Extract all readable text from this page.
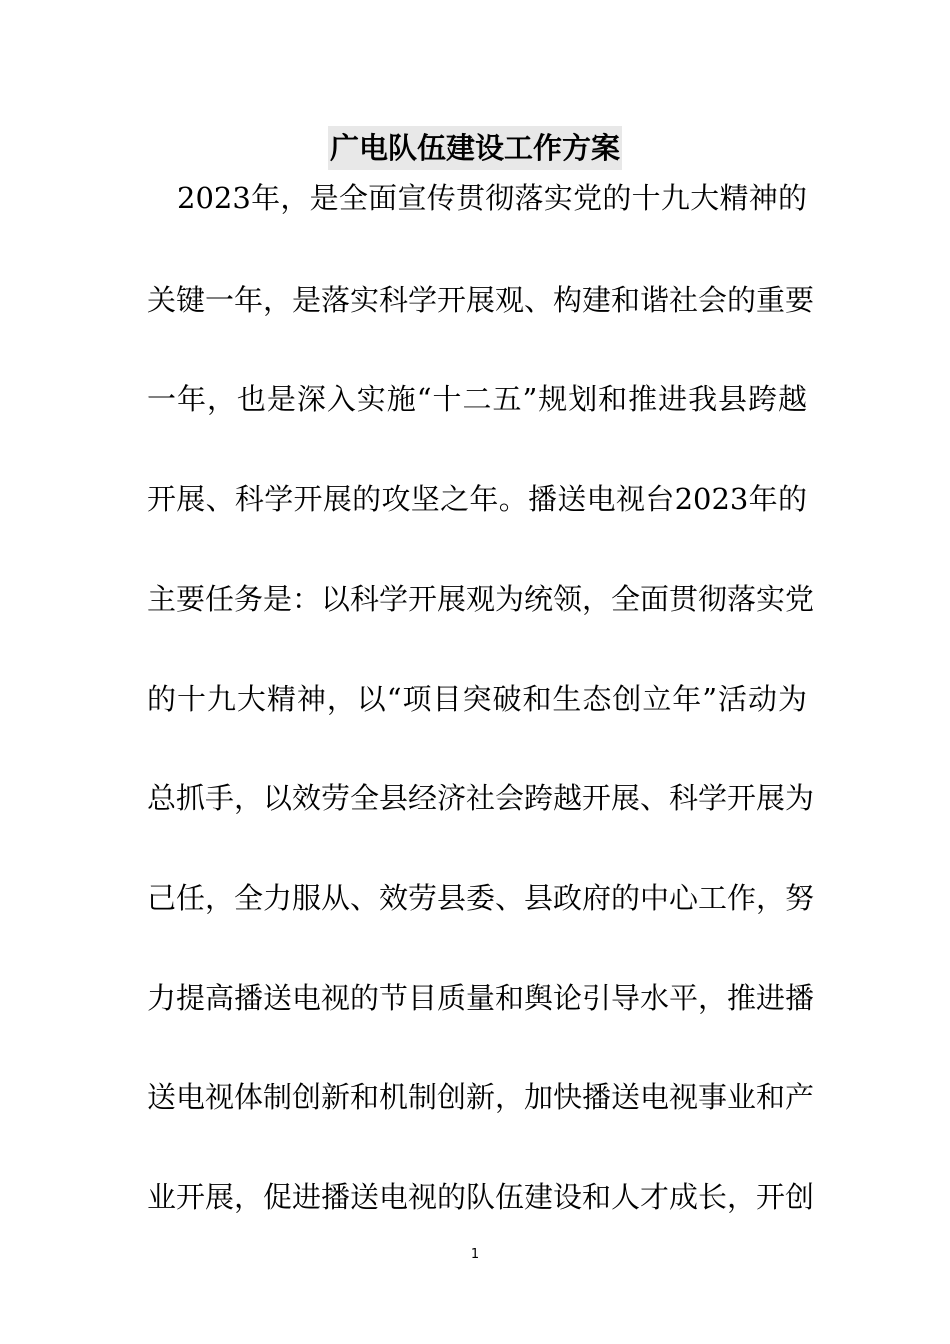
广电队伍建设工作方案
2023年，是全面宣传贯彻落实党的十九大精神的
关键一年，是落实科学开展观、构建和谐社会的重要
一年，也是深入实施“十二五”规划和推进我县跨越
开展、科学开展的攻坚之年。播送电视台2023年的
主要任务是：以科学开展观为统领，全面贯彻落实党
的十九大精神，以“项目突破和生态创立年”活动为
总抓手，以效劳全县经济社会跨越开展、科学开展为
己任，全力服从、效劳县委、县政府的中心工作，努
力提高播送电视的节目质量和舆论引导水平，推进播
送电视体制创新和机制创新，加快播送电视事业和产
业开展，促进播送电视的队伍建设和人才成长，开创
1
